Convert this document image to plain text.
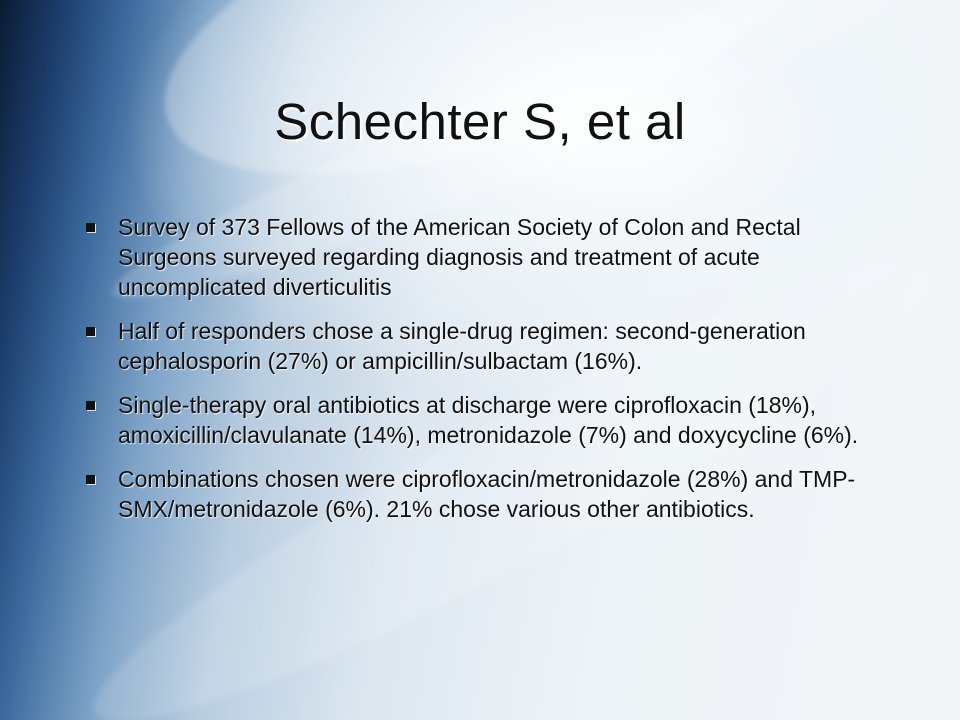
Schechter S, et al
Survey of 373 Fellows of the American Society of Colon and Rectal Surgeons surveyed regarding diagnosis and treatment of acute uncomplicated diverticulitis
Half of responders chose a single-drug regimen: second-generation cephalosporin (27%) or ampicillin/sulbactam (16%).
Single-therapy oral antibiotics at discharge were ciprofloxacin (18%), amoxicillin/clavulanate (14%), metronidazole (7%) and doxycycline (6%).
Combinations chosen were ciprofloxacin/metronidazole (28%) and TMP-SMX/metronidazole (6%). 21% chose various other antibiotics.
